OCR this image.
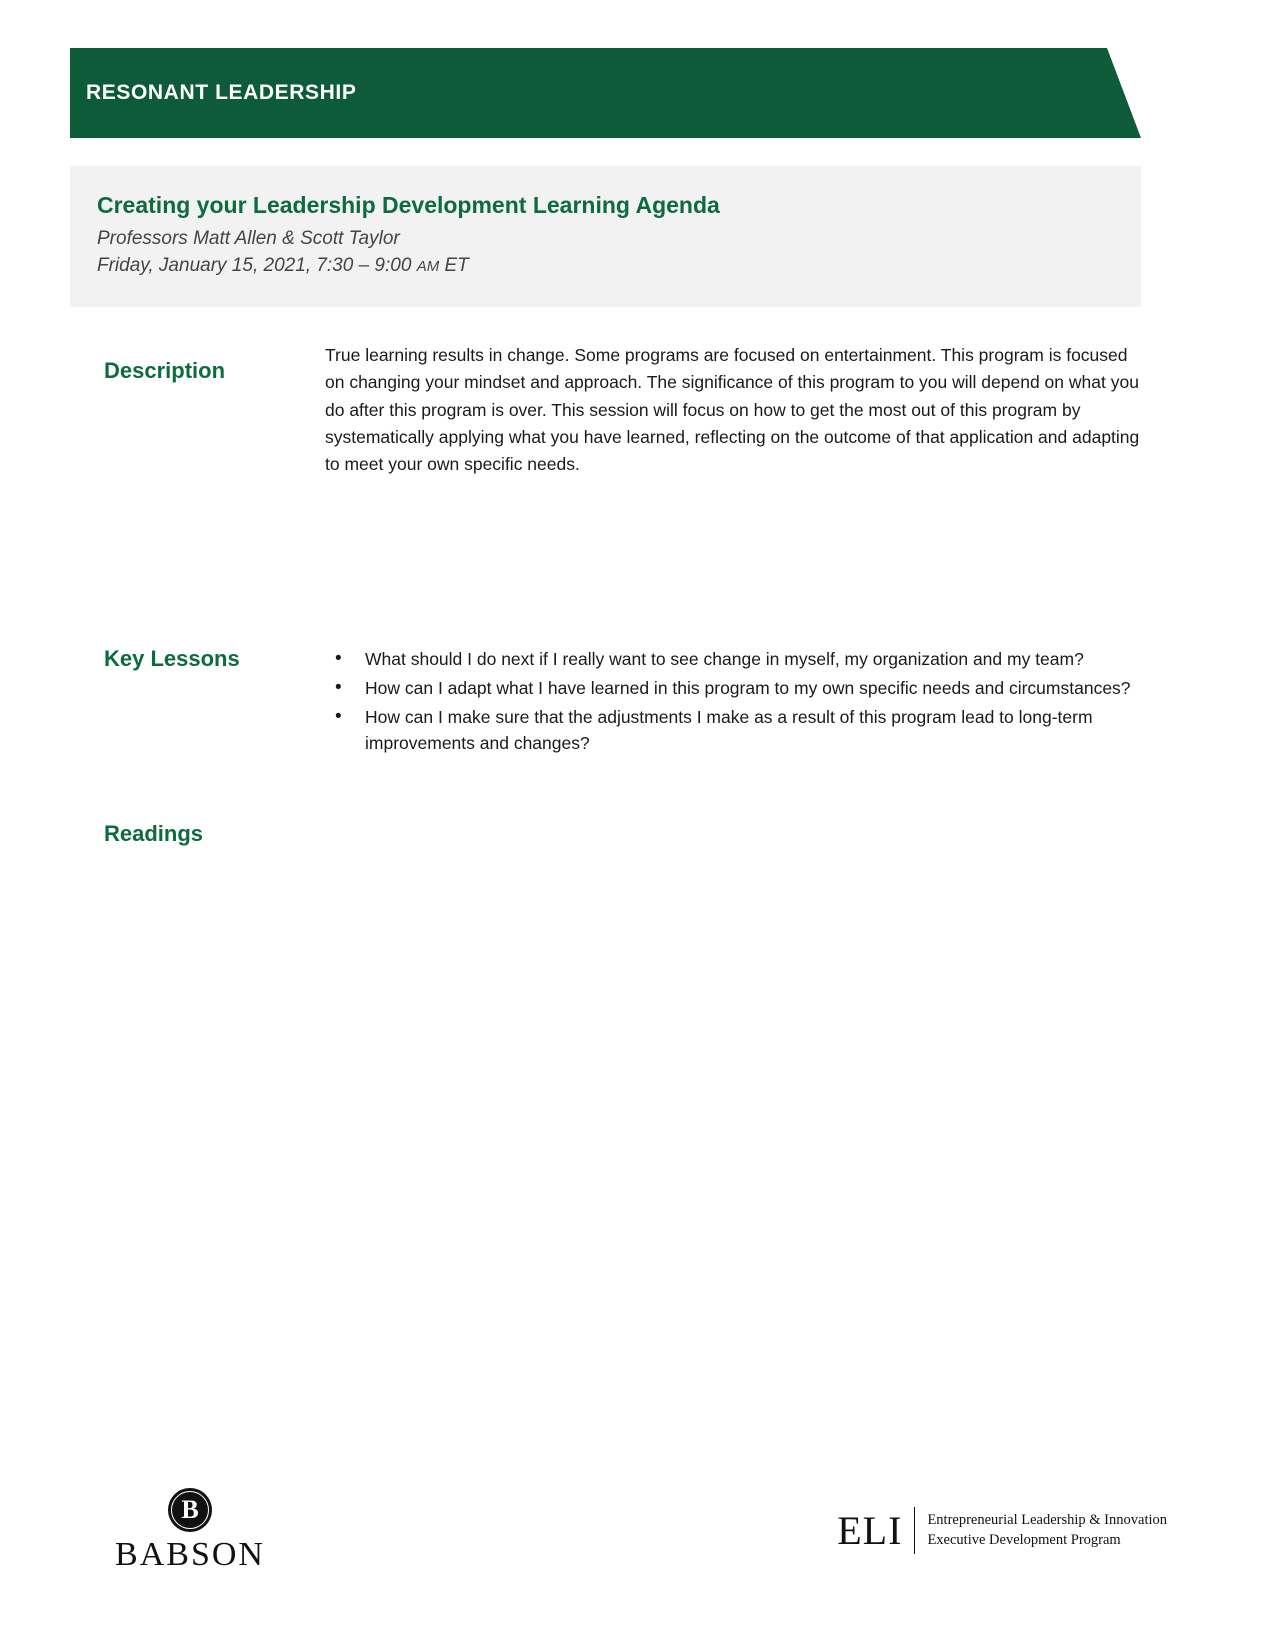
RESONANT LEADERSHIP
Creating your Leadership Development Learning Agenda
Professors Matt Allen & Scott Taylor
Friday, January 15, 2021, 7:30 – 9:00 AM ET
Description

True learning results in change. Some programs are focused on entertainment. This program is focused on changing your mindset and approach. The significance of this program to you will depend on what you do after this program is over. This session will focus on how to get the most out of this program by systematically applying what you have learned, reflecting on the outcome of that application and adapting to meet your own specific needs.

Key Lessons	• What should I do next if I really want to see change in myself, my organization and my team?
• How can I adapt what I have learned in this program to my own specific needs and circumstances?
• How can I make sure that the adjustments I make as a result of this program lead to long-term improvements and changes?
Readings
B
BABSON
ELI	Entrepreneurial Leadership & Innovation
Executive Development Program
